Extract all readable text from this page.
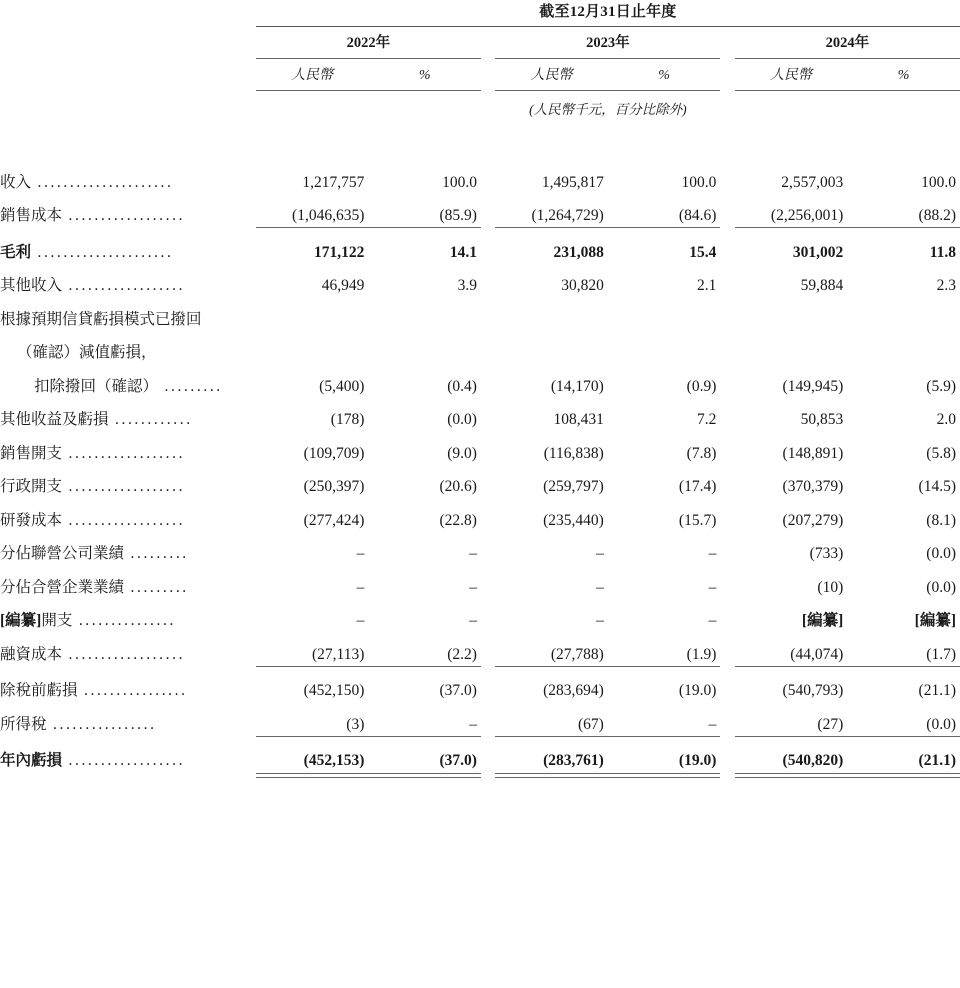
		截至12月31日止年度							

		2022年			2023年			2024年	

		人民幣	%		人民幣	%		人民幣	%

		(人民幣千元，百分比除外)							

收入 .....................		1,217,757	100.0		1,495,817	100.0		2,557,003	100.0

銷售成本 ..................		(1,046,635)	(85.9)		(1,264,729)	(84.6)		(2,256,001)	(88.2)

毛利 .....................		171,122	14.1		231,088	15.4		301,002	11.8

其他收入 ..................		46,949	3.9		30,820	2.1		59,884	2.3

根據預期信貸虧損模式已撥回									

（確認）減值虧損，									

扣除撥回（確認） .........		(5,400)	(0.4)		(14,170)	(0.9)		(149,945)	(5.9)

其他收益及虧損 ............		(178)	(0.0)		108,431	7.2		50,853	2.0

銷售開支 ..................		(109,709)	(9.0)		(116,838)	(7.8)		(148,891)	(5.8)

行政開支 ..................		(250,397)	(20.6)		(259,797)	(17.4)		(370,379)	(14.5)

研發成本 ..................		(277,424)	(22.8)		(235,440)	(15.7)		(207,279)	(8.1)

分佔聯營公司業績 .........		–	–		–	–		(733)	(0.0)

分佔合營企業業績 .........		–	–		–	–		(10)	(0.0)

[編纂]開支 ...............		–	–		–	–		[編纂]	[編纂]

融資成本 ..................		(27,113)	(2.2)		(27,788)	(1.9)		(44,074)	(1.7)

除稅前虧損 ................		(452,150)	(37.0)		(283,694)	(19.0)		(540,793)	(21.1)

所得稅 ................		(3)	–		(67)	–		(27)	(0.0)

年內虧損 ..................		(452,153)	(37.0)		(283,761)	(19.0)		(540,820)	(21.1)
